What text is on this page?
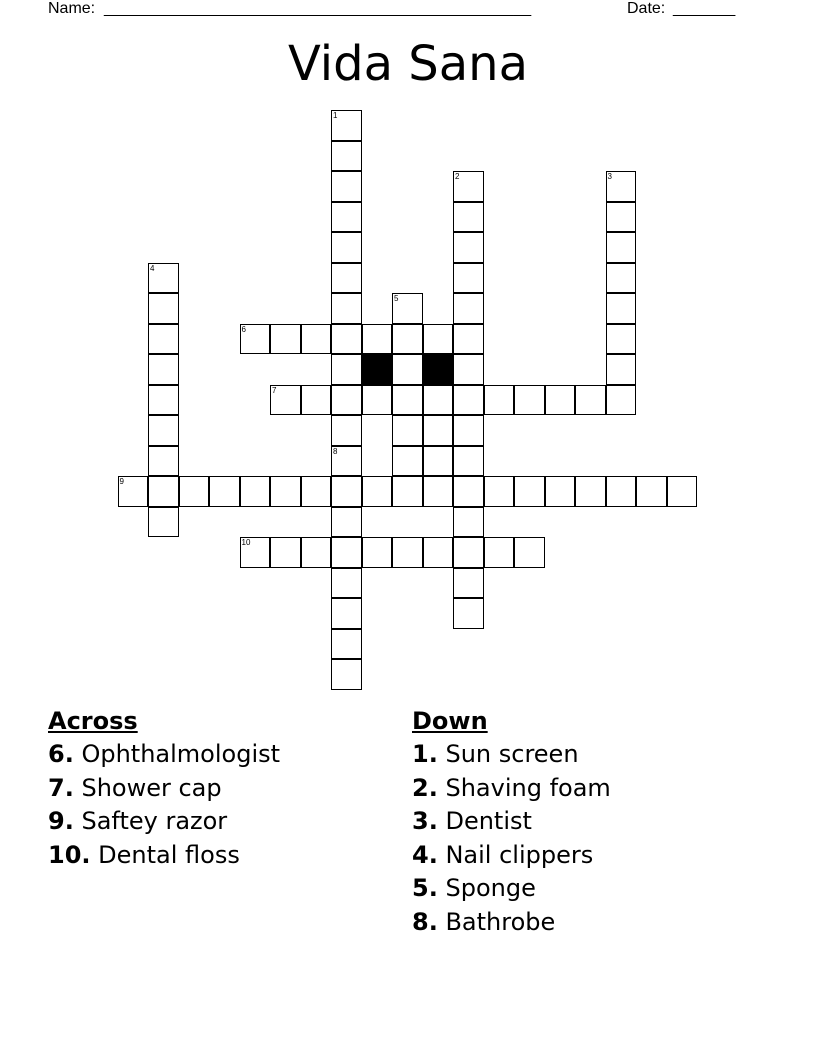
Name: ________________________________________________	Date: _______
Vida Sana
1
8
2	3
4
5
6
7
9
10
Across
6. Ophthalmologist
7. Shower cap
9. Saftey razor
10. Dental floss
Down
1. Sun screen
2. Shaving foam
3. Dentist
4. Nail clippers
5. Sponge
8. Bathrobe
